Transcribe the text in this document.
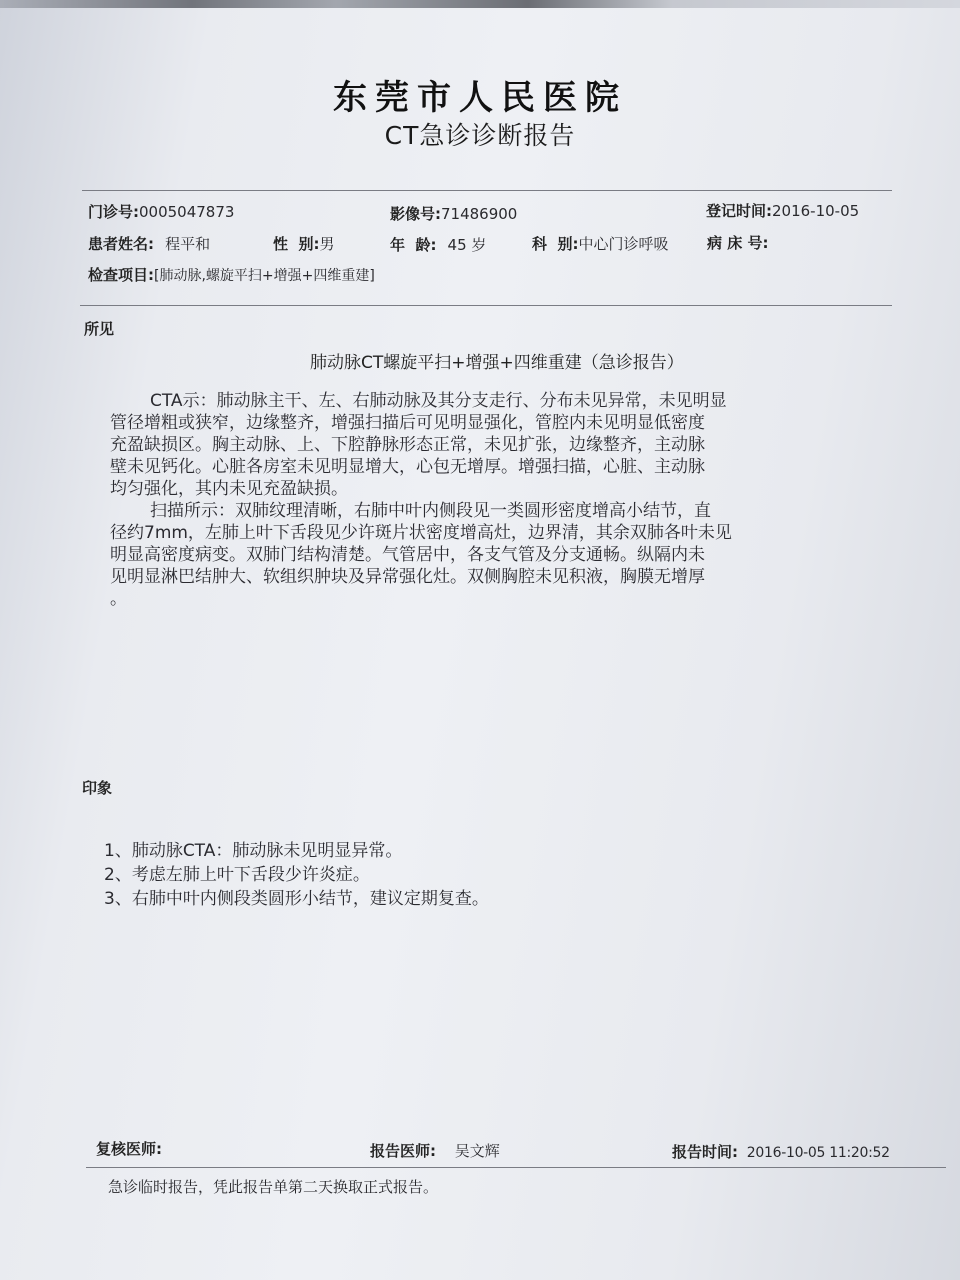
东莞市人民医院
CT急诊诊断报告
门诊号:0005047873	影像号:71486900	登记时间:2016-10-05
患者姓名: 程平和	性  别:男	年  龄: 45 岁	科  别:中心门诊呼吸	病 床 号:
检查项目:[肺动脉,螺旋平扫+增强+四维重建]
所见
肺动脉CT螺旋平扫+增强+四维重建（急诊报告）
CTA示：肺动脉主干、左、右肺动脉及其分支走行、分布未见异常，未见明显
管径增粗或狭窄，边缘整齐，增强扫描后可见明显强化，管腔内未见明显低密度
充盈缺损区。胸主动脉、上、下腔静脉形态正常，未见扩张，边缘整齐，主动脉
壁未见钙化。心脏各房室未见明显增大，心包无增厚。增强扫描，心脏、主动脉
均匀强化，其内未见充盈缺损。
扫描所示：双肺纹理清晰，右肺中叶内侧段见一类圆形密度增高小结节，直
径约7mm，左肺上叶下舌段见少许斑片状密度增高灶，边界清，其余双肺各叶未见
明显高密度病变。双肺门结构清楚。气管居中，各支气管及分支通畅。纵隔内未
见明显淋巴结肿大、软组织肿块及异常强化灶。双侧胸腔未见积液，胸膜无增厚
。
印象
1、肺动脉CTA：肺动脉未见明显异常。
2、考虑左肺上叶下舌段少许炎症。
3、右肺中叶内侧段类圆形小结节，建议定期复查。
复核医师:	报告医师: 吴文辉	报告时间: 2016-10-05 11:20:52
急诊临时报告，凭此报告单第二天换取正式报告。
